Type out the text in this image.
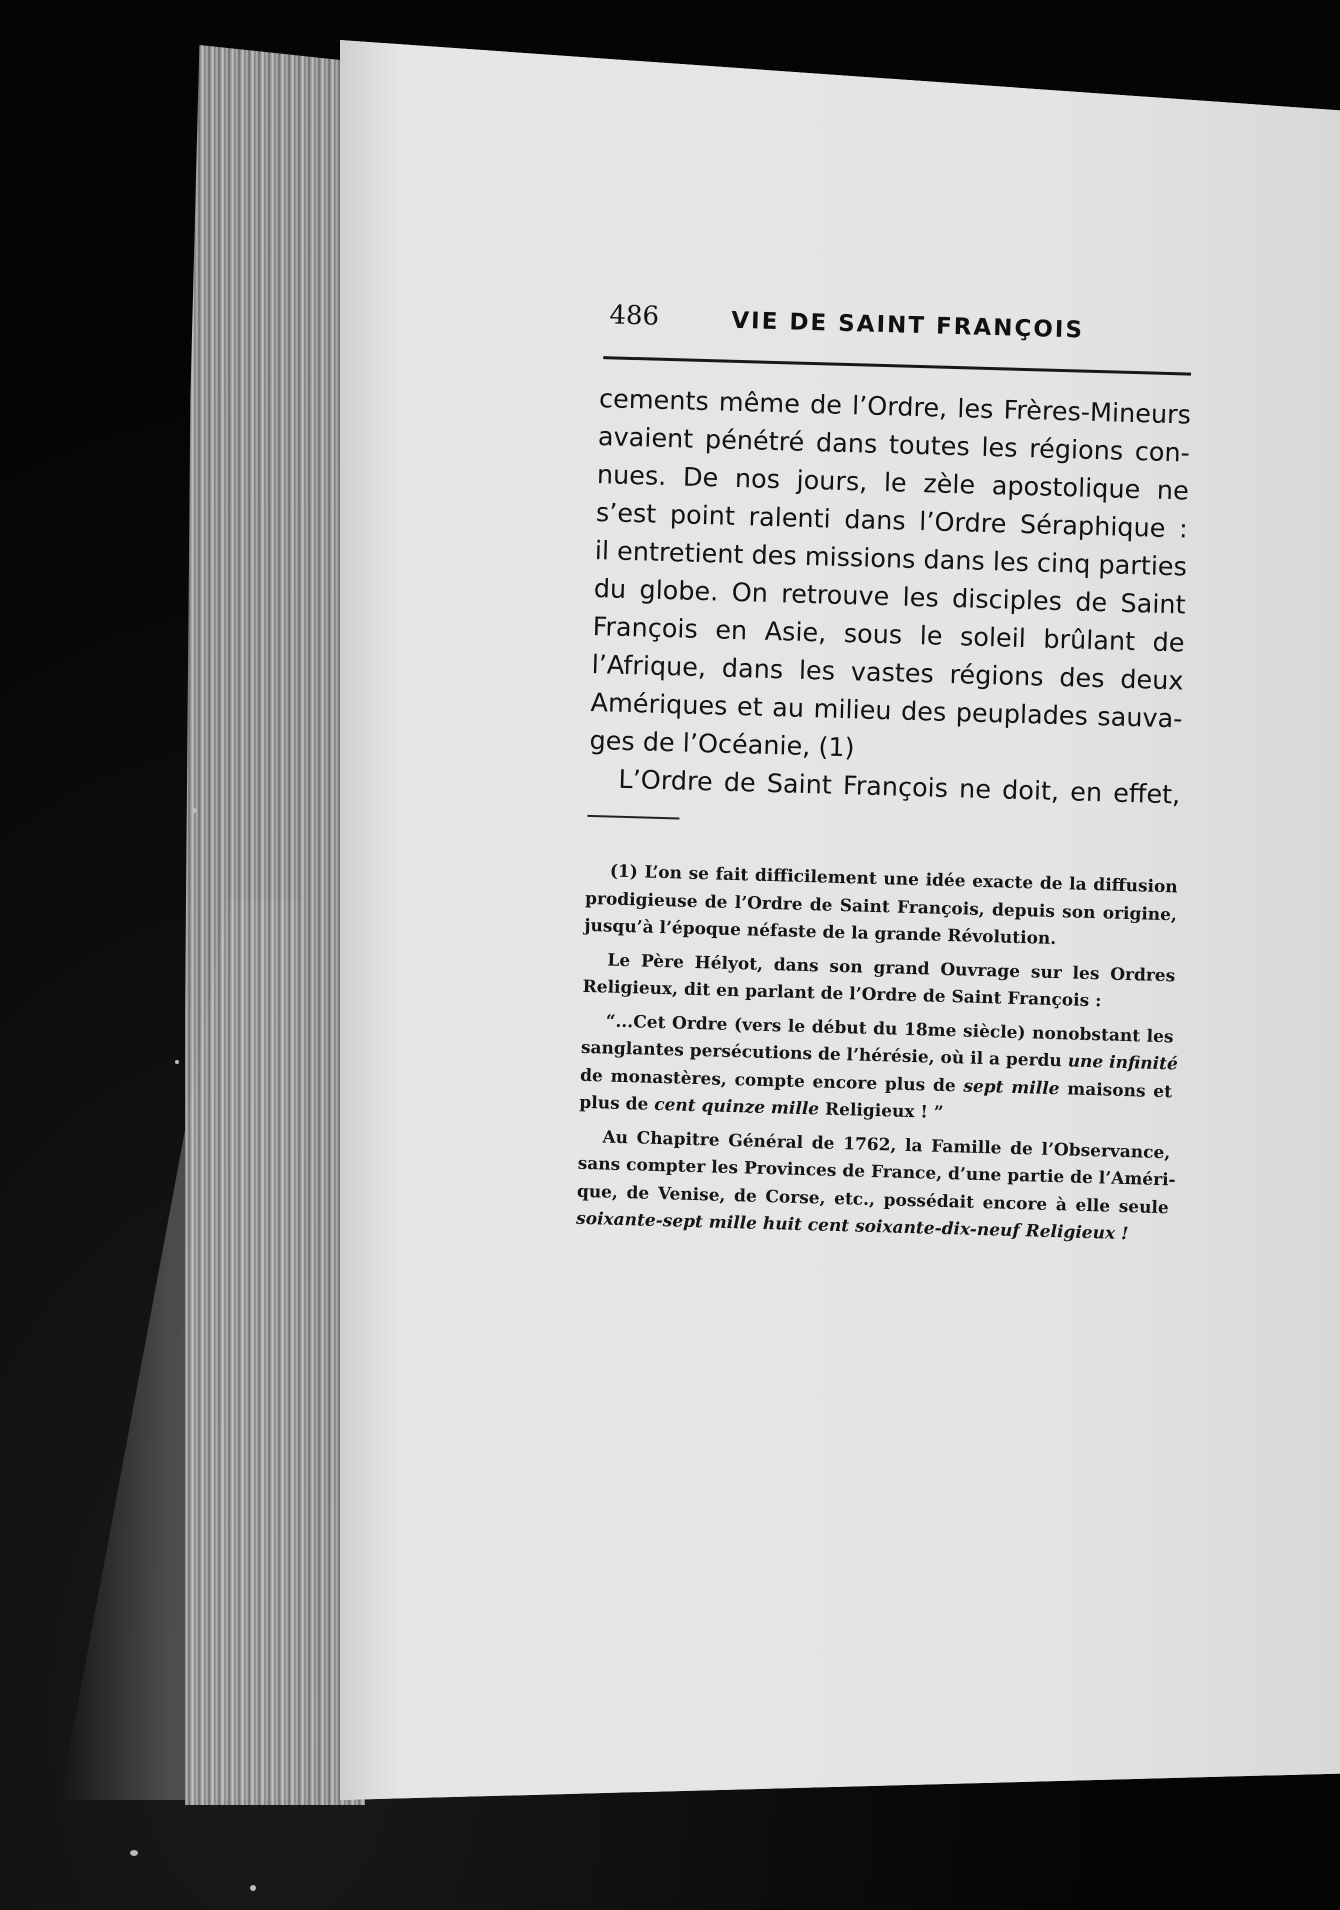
486	VIE DE SAINT FRANÇOIS
cements même de l’Ordre, les Frères-Mineurs
avaient pénétré dans toutes les régions con-
nues. De nos jours, le zèle apostolique ne
s’est point ralenti dans l’Ordre Séraphique :
il entretient des missions dans les cinq parties
du globe. On retrouve les disciples de Saint
François en Asie, sous le soleil brûlant de
l’Afrique, dans les vastes régions des deux
Amériques et au milieu des peuplades sauva-
ges de l’Océanie, (1)
L’Ordre de Saint François ne doit, en effet,
(1) L’on se fait difficilement une idée exacte de la diffusion
prodigieuse de l’Ordre de Saint François, depuis son origine,
jusqu’à l’époque néfaste de la grande Révolution.
Le Père Hélyot, dans son grand Ouvrage sur les Ordres
Religieux, dit en parlant de l’Ordre de Saint François :
“...Cet Ordre (vers le début du 18me siècle) nonobstant les
sanglantes persécutions de l’hérésie, où il a perdu une infinité
de monastères, compte encore plus de sept mille maisons et
plus de cent quinze mille Religieux ! ”
Au Chapitre Général de 1762, la Famille de l’Observance,
sans compter les Provinces de France, d’une partie de l’Améri-
que, de Venise, de Corse, etc., possédait encore à elle seule
soixante-sept mille huit cent soixante-dix-neuf Religieux !
